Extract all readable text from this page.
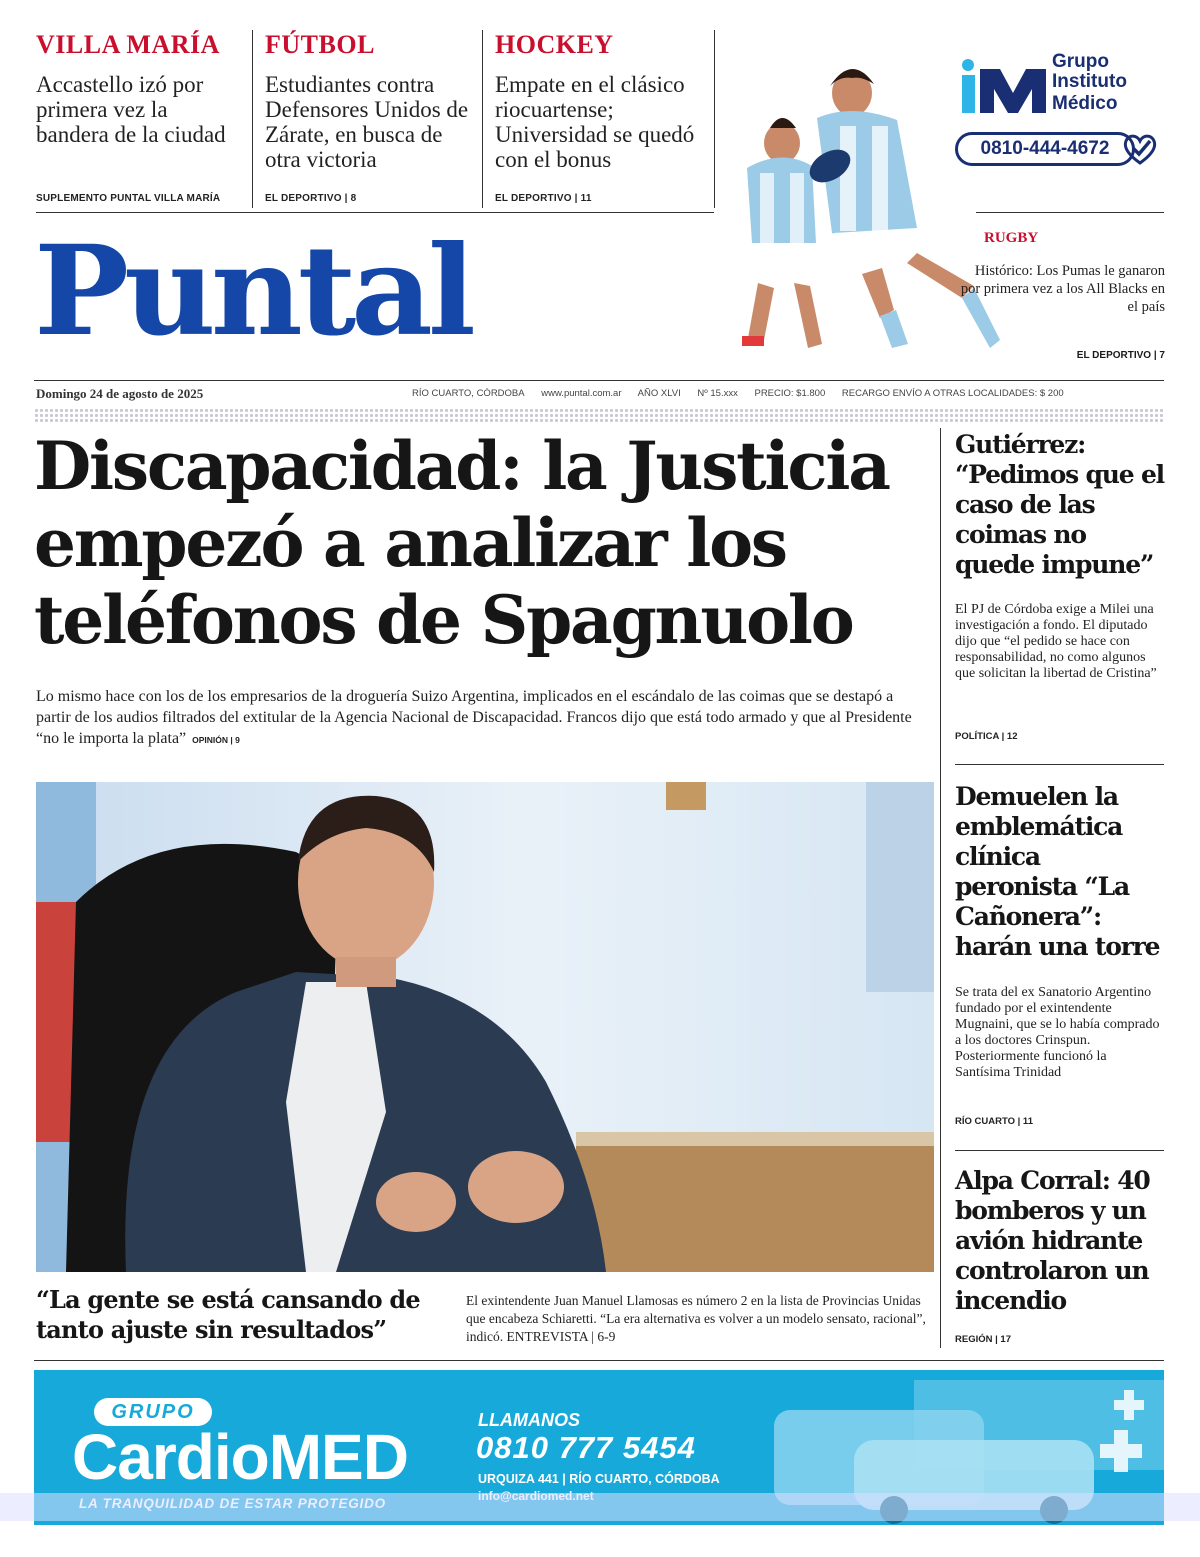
VILLA MARÍA
Accastello izó por primera vez la bandera de la ciudad
SUPLEMENTO PUNTAL VILLA MARÍA
FÚTBOL
Estudiantes contra Defensores Unidos de Zárate, en busca de otra victoria
EL DEPORTIVO | 8
HOCKEY
Empate en el clásico riocuartense; Universidad se quedó con el bonus
EL DEPORTIVO | 11
Grupo
Instituto
Médico
0810-444-4672
Puntal	RUGBY
Histórico: Los Pumas le ganaron por primera vez a los All Blacks en el país
EL DEPORTIVO | 7
Domingo 24 de agosto de 2025	RÍO CUARTO, CÓRDOBA www.puntal.com.ar AÑO XLVI Nº 15.xxx PRECIO: $1.800 RECARGO ENVÍO A OTRAS LOCALIDADES: $ 200
Discapacidad: la Justicia empezó a analizar los teléfonos de Spagnuolo
Lo mismo hace con los de los empresarios de la droguería Suizo Argentina, implicados en el escándalo de las coimas que se destapó a partir de los audios filtrados del extitular de la Agencia Nacional de Discapacidad. Francos dijo que está todo armado y que al Presidente “no le importa la plata” OPINIÓN | 9
Gutiérrez: “Pedimos que el caso de las coimas no quede impune”
El PJ de Córdoba exige a Milei una investigación a fondo. El diputado dijo que “el pedido se hace con responsabilidad, no como algunos que solicitan la libertad de Cristina”
POLÍTICA | 12
Demuelen la emblemática clínica peronista “La Cañonera”: harán una torre
Se trata del ex Sanatorio Argentino fundado por el exintendente Mugnaini, que se lo había comprado a los doctores Crinspun. Posteriormente funcionó la Santísima Trinidad
RÍO CUARTO | 11
Alpa Corral: 40 bomberos y un avión hidrante controlaron un incendio
REGIÓN | 17
“La gente se está cansando de tanto ajuste sin resultados”
El exintendente Juan Manuel Llamosas es número 2 en la lista de Provincias Unidas que encabeza Schiaretti. “La era alternativa es volver a un modelo sensato, racional”, indicó. ENTREVISTA | 6-9
GRUPO
CardioMED
LLAMANOS
0810 777 5454
URQUIZA 441 | RÍO CUARTO, CÓRDOBA
